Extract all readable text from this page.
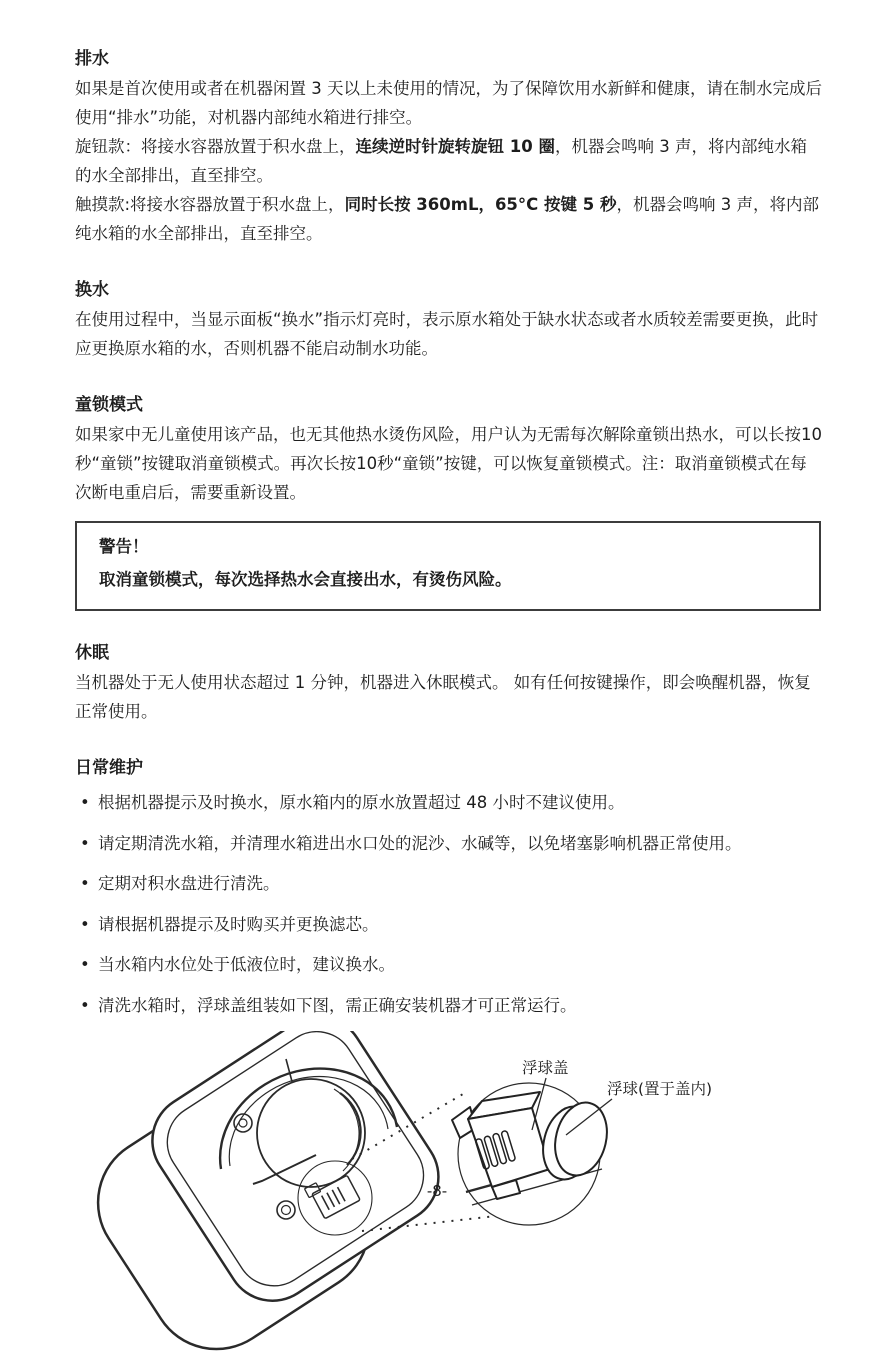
排水

如果是首次使用或者在机器闲置 3 天以上未使用的情况，为了保障饮用水新鲜和健康，请在制水完成后使用“排水”功能，对机器内部纯水箱进行排空。

旋钮款：将接水容器放置于积水盘上，连续逆时针旋转旋钮 10 圈，机器会鸣响 3 声，将内部纯水箱的水全部排出，直至排空。

触摸款:将接水容器放置于积水盘上，同时长按 360mL，65°C 按键 5 秒，机器会鸣响 3 声，将内部纯水箱的水全部排出，直至排空。

换水

在使用过程中，当显示面板“换水”指示灯亮时，表示原水箱处于缺水状态或者水质较差需要更换，此时应更换原水箱的水，否则机器不能启动制水功能。

童锁模式

如果家中无儿童使用该产品，也无其他热水烫伤风险，用户认为无需每次解除童锁出热水，可以长按10 秒“童锁”按键取消童锁模式。再次长按10秒“童锁”按键，可以恢复童锁模式。注：取消童锁模式在每次断电重启后，需要重新设置。

警告！

取消童锁模式，每次选择热水会直接出水，有烫伤风险。

休眠

当机器处于无人使用状态超过 1 分钟，机器进入休眠模式。 如有任何按键操作，即会唤醒机器，恢复正常使用。

日常维护
• 根据机器提示及时换水，原水箱内的原水放置超过 48 小时不建议使用。
• 请定期清洗水箱，并清理水箱进出水口处的泥沙、水碱等，以免堵塞影响机器正常使用。
• 定期对积水盘进行清洗。
• 请根据机器提示及时购买并更换滤芯。
• 当水箱内水位处于低液位时，建议换水。
• 清洗水箱时，浮球盖组装如下图，需正确安装机器才可正常运行。
浮球盖
浮球(置于盖内)
-8-
